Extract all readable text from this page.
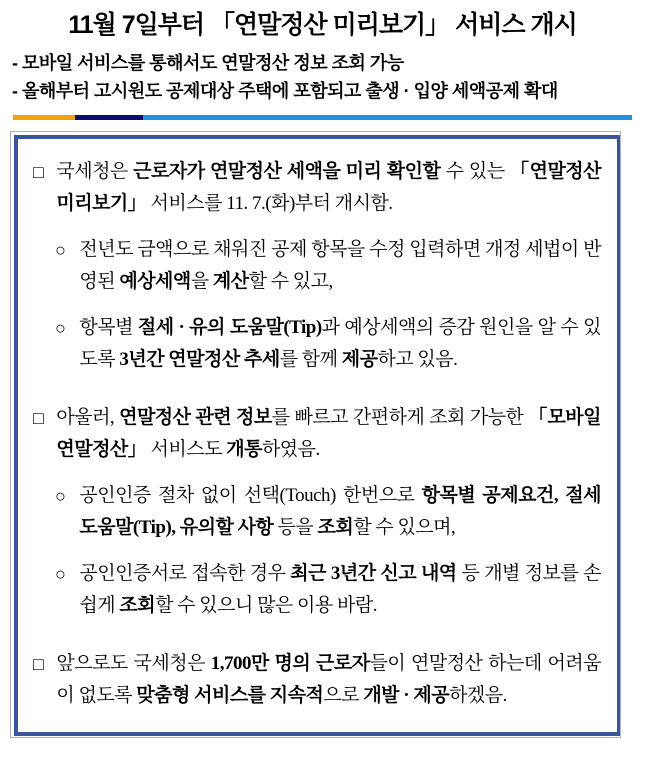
11월 7일부터 「연말정산 미리보기」 서비스 개시
- 모바일 서비스를 통해서도 연말정산 정보 조회 가능
- 올해부터 고시원도 공제대상 주택에 포함되고 출생 · 입양 세액공제 확대
□ 국세청은 근로자가 연말정산 세액을 미리 확인할 수 있는 「연말정산 미리보기」 서비스를 11. 7.(화)부터 개시함.
○ 전년도 금액으로 채워진 공제 항목을 수정 입력하면 개정 세법이 반영된 예상세액을 계산할 수 있고,
○ 항목별 절세 · 유의 도움말(Tip)과 예상세액의 증감 원인을 알 수 있도록 3년간 연말정산 추세를 함께 제공하고 있음.
□ 아울러, 연말정산 관련 정보를 빠르고 간편하게 조회 가능한 「모바일 연말정산」 서비스도 개통하였음.
○ 공인인증 절차 없이 선택(Touch) 한번으로 항목별 공제요건, 절세 도움말(Tip), 유의할 사항 등을 조회할 수 있으며,
○ 공인인증서로 접속한 경우 최근 3년간 신고 내역 등 개별 정보를 손쉽게 조회할 수 있으니 많은 이용 바람.
□ 앞으로도 국세청은 1,700만 명의 근로자들이 연말정산 하는데 어려움이 없도록 맞춤형 서비스를 지속적으로 개발 · 제공하겠음.
